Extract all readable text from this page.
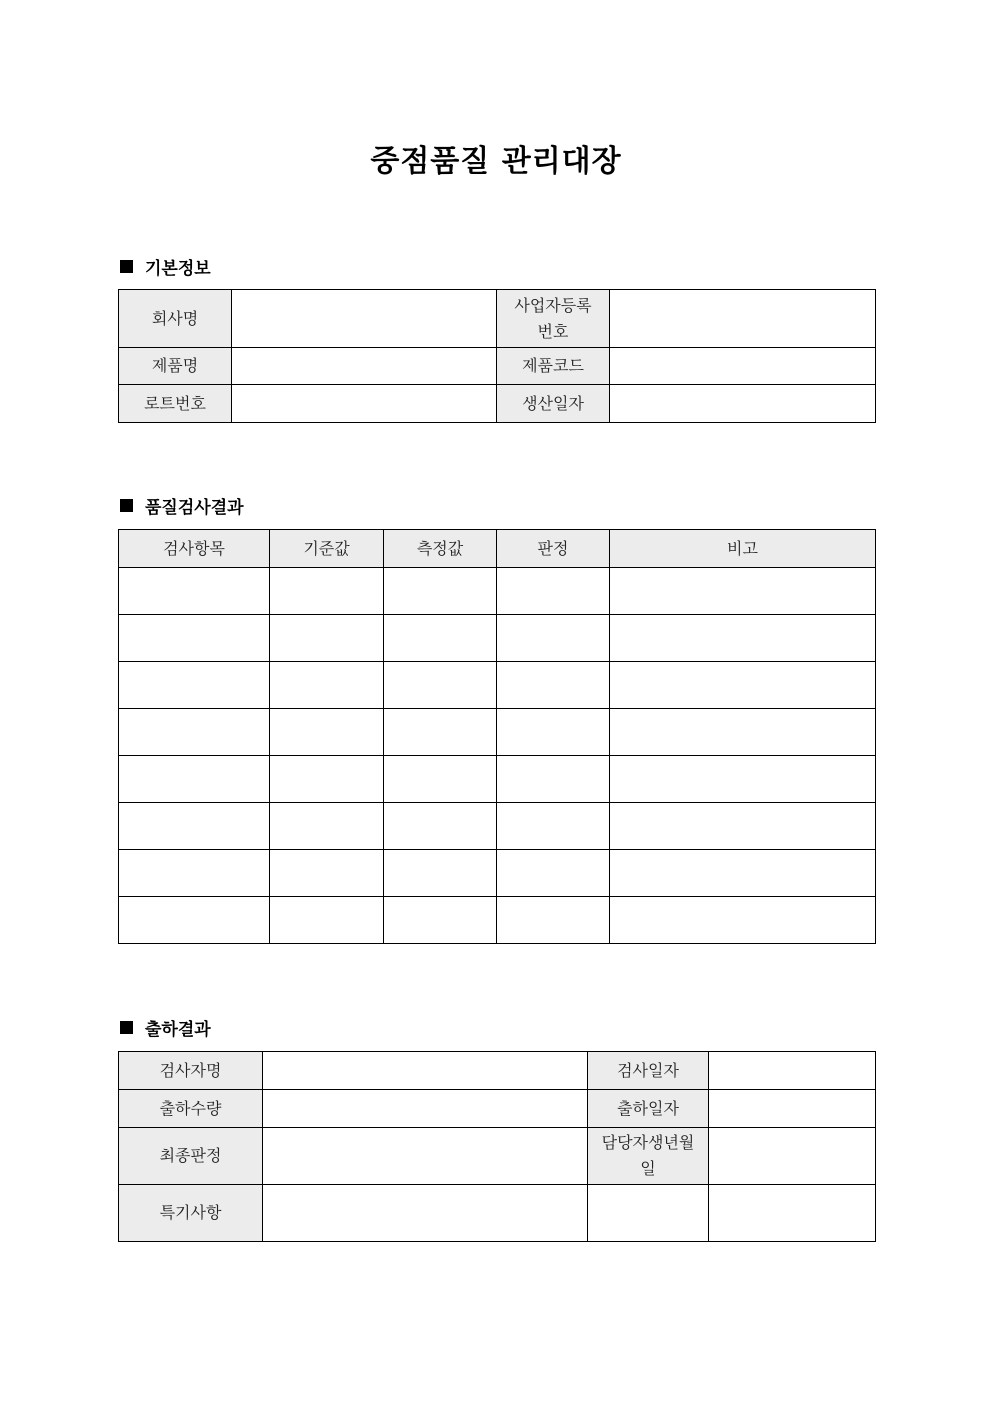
중점품질 관리대장
기본정보
회사명		사업자등록
번호	
제품명		제품코드	
로트번호		생산일자	
품질검사결과
검사항목	기준값	측정값	판정	비고

출하결과
검사자명		검사일자	
출하수량		출하일자	
최종판정		담당자생년월
일	
특기사항			
